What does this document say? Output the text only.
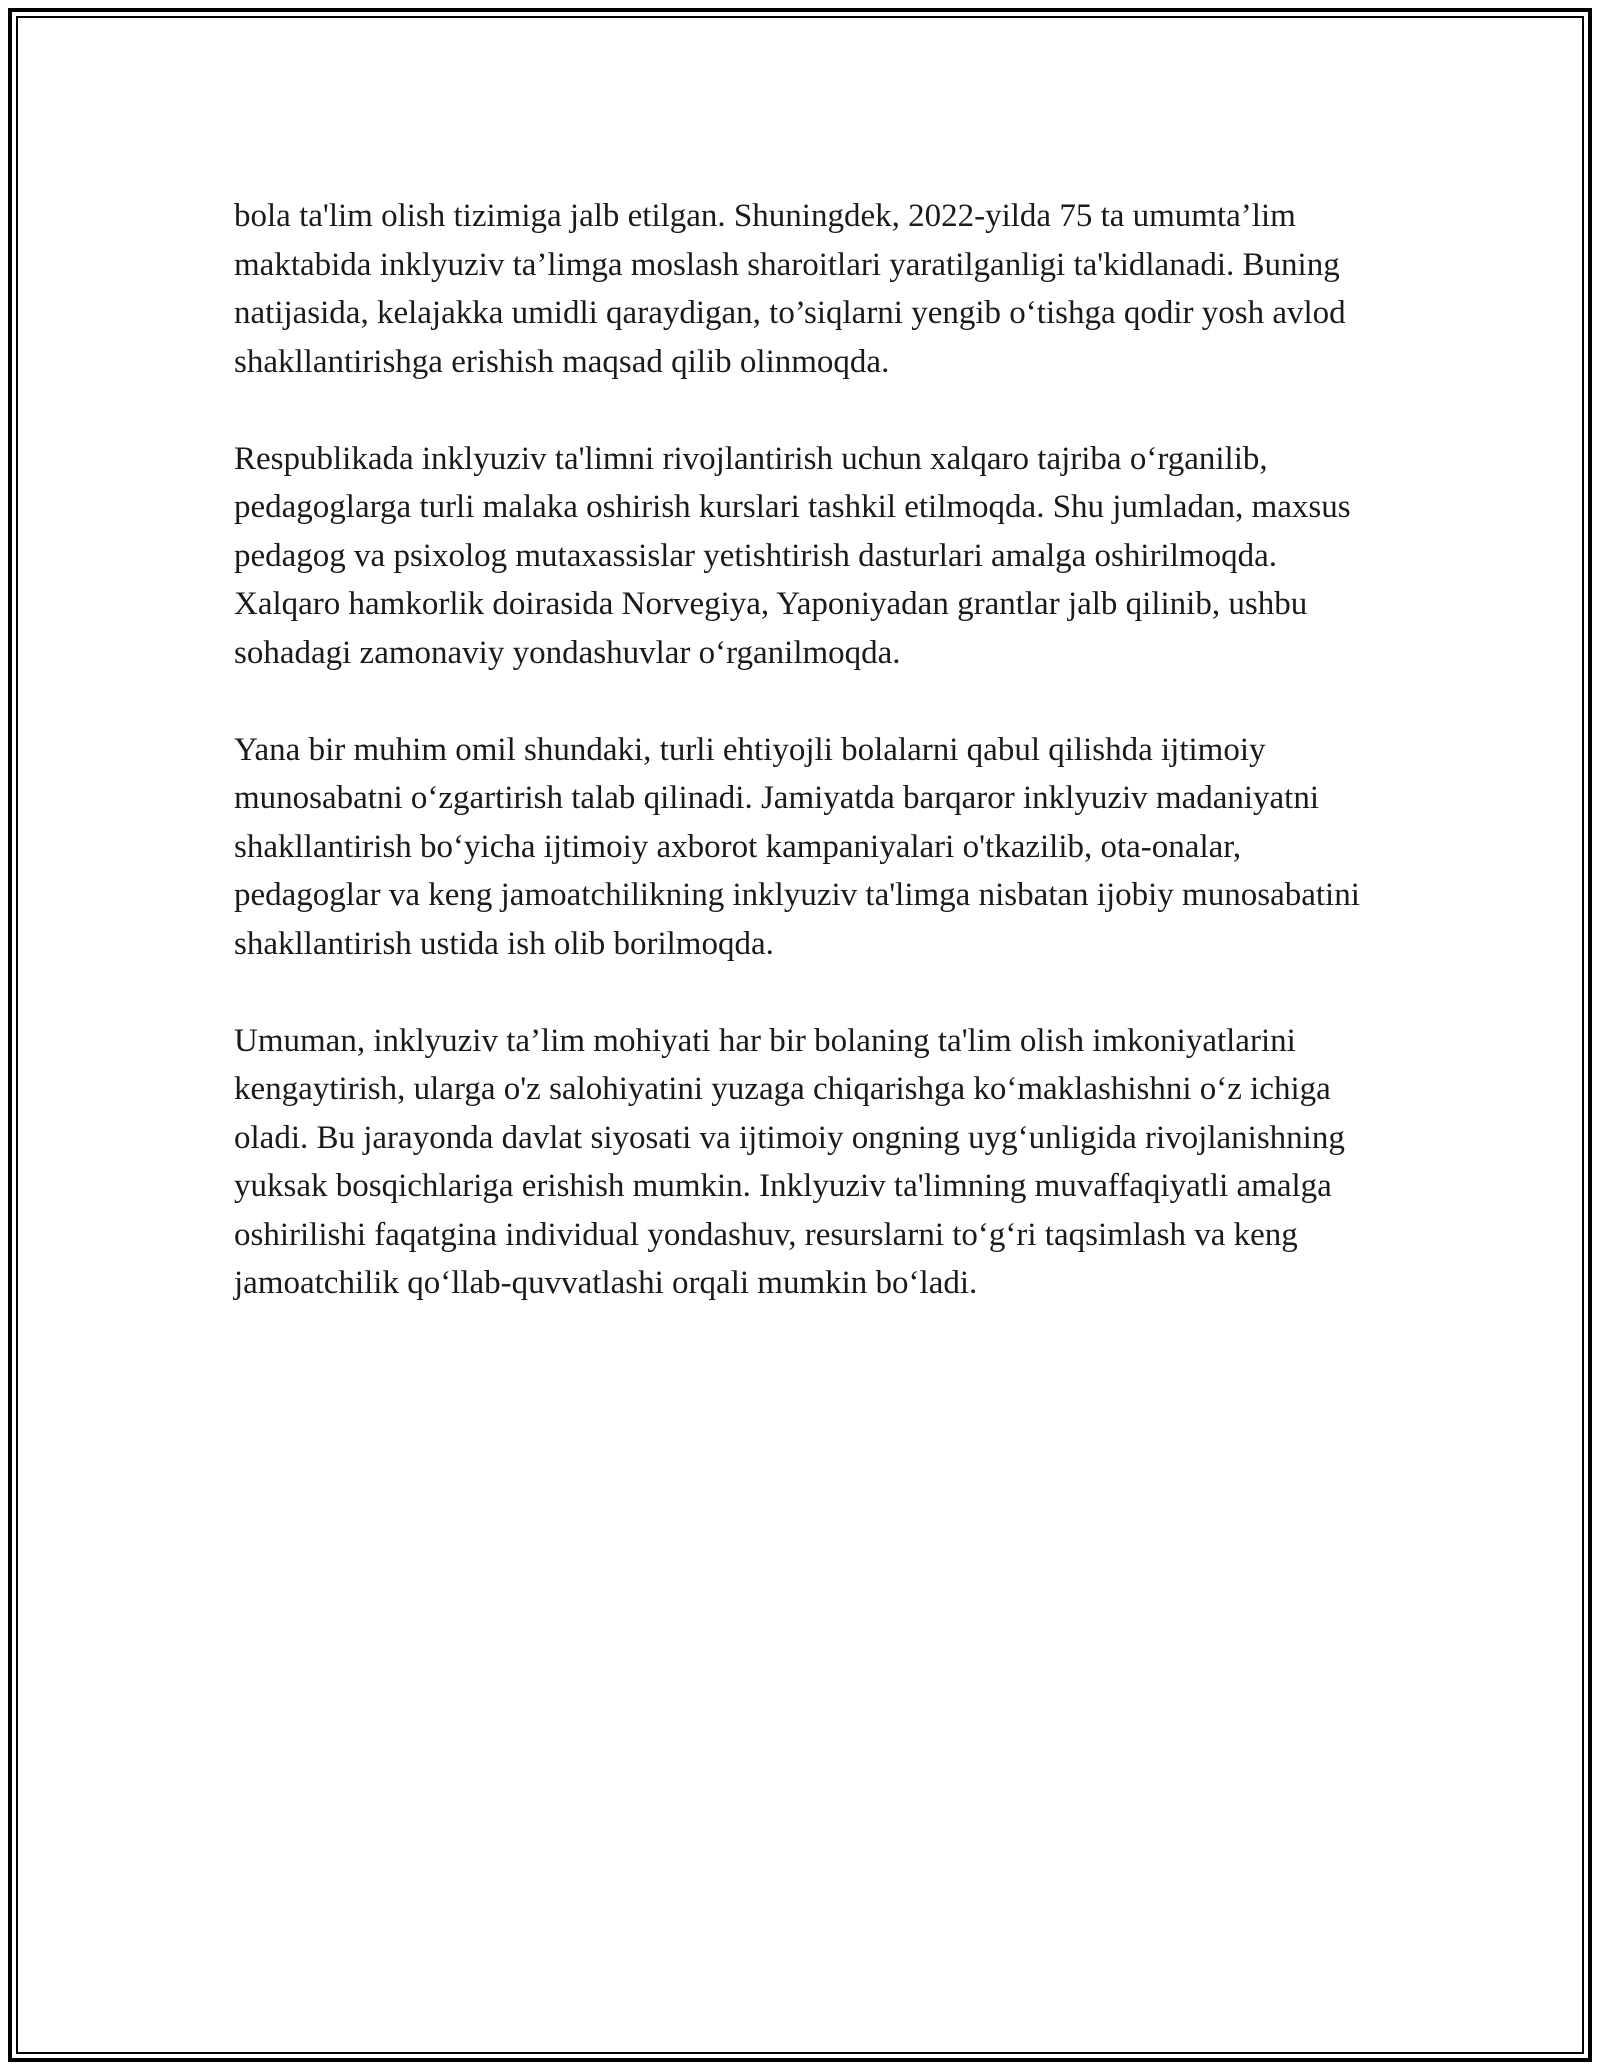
bola ta'lim olish tizimiga jalb etilgan. Shuningdek, 2022-yilda 75 ta umumta’lim maktabida inklyuziv ta’limga moslash sharoitlari yaratilganligi ta'kidlanadi. Buning natijasida, kelajakka umidli qaraydigan, to’siqlarni yengib o‘tishga qodir yosh avlod shakllantirishga erishish maqsad qilib olinmoqda.

Respublikada inklyuziv ta'limni rivojlantirish uchun xalqaro tajriba o‘rganilib, pedagoglarga turli malaka oshirish kurslari tashkil etilmoqda. Shu jumladan, maxsus pedagog va psixolog mutaxassislar yetishtirish dasturlari amalga oshirilmoqda. Xalqaro hamkorlik doirasida Norvegiya, Yaponiyadan grantlar jalb qilinib, ushbu sohadagi zamonaviy yondashuvlar o‘rganilmoqda.

Yana bir muhim omil shundaki, turli ehtiyojli bolalarni qabul qilishda ijtimoiy munosabatni o‘zgartirish talab qilinadi. Jamiyatda barqaror inklyuziv madaniyatni shakllantirish bo‘yicha ijtimoiy axborot kampaniyalari o'tkazilib, ota-onalar, pedagoglar va keng jamoatchilikning inklyuziv ta'limga nisbatan ijobiy munosabatini shakllantirish ustida ish olib borilmoqda.

Umuman, inklyuziv ta’lim mohiyati har bir bolaning ta'lim olish imkoniyatlarini kengaytirish, ularga o'z salohiyatini yuzaga chiqarishga ko‘maklashishni o‘z ichiga oladi. Bu jarayonda davlat siyosati va ijtimoiy ongning uyg‘unligida rivojlanishning yuksak bosqichlariga erishish mumkin. Inklyuziv ta'limning muvaffaqiyatli amalga oshirilishi faqatgina individual yondashuv, resurslarni to‘g‘ri taqsimlash va keng jamoatchilik qo‘llab-quvvatlashi orqali mumkin bo‘ladi.
